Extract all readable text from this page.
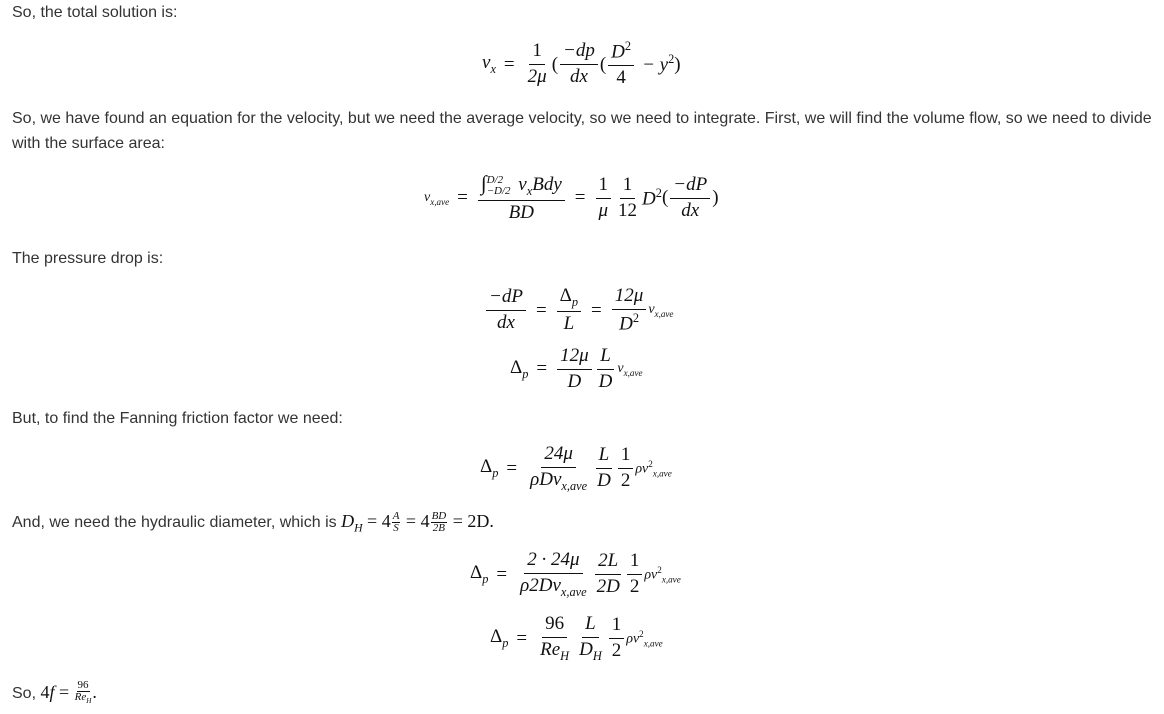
So, the total solution is:
$v_x = \frac{1}{2\mu}$ ( $\frac{-dp}{dx}$ ( $\frac{D^2}{4} - y^2$ )
So, we have found an equation for the velocity, but we need the average velocity, so we need to integrate. First, we will find the volume flow, so we need to divide with the surface area:
$v_{x,ave}$ = ∫ D/2
−D/2 $v_xBdy$
BD = $\frac{1}{\mu} \frac{1}{12} D^2$ ( $\frac{-dP}{dx}$ )
The pressure drop is:
$\frac{-dP}{dx} = \frac{\Delta_p}{L} = \frac{12\mu}{D^2} v_{x,ave}$
$\Delta_p = \frac{12\mu}{D} \frac{L}{D} v_{x,ave}$
But, to find the Fanning friction factor we need:
$\Delta_p = \frac{24\mu}{\rho Dv_{x,ave}} \frac{L}{D} \frac{1}{2} \rho v^2_{x,ave}$
And, we need the hydraulic diameter, which is $D_H = 4 \frac{A}{S} = 4 \frac{BD}{2B} = 2D$.
$\Delta_p = \frac{2 \cdot 24\mu}{\rho 2Dv_{x,ave}} \frac{2L}{2D} \frac{1}{2} \rho v^2_{x,ave}$
$\Delta_p = \frac{96}{Re_H} \frac{L}{D_H} \frac{1}{2} \rho v^2_{x,ave}$
So, $4f = \frac{96}{Re_H}$ .
